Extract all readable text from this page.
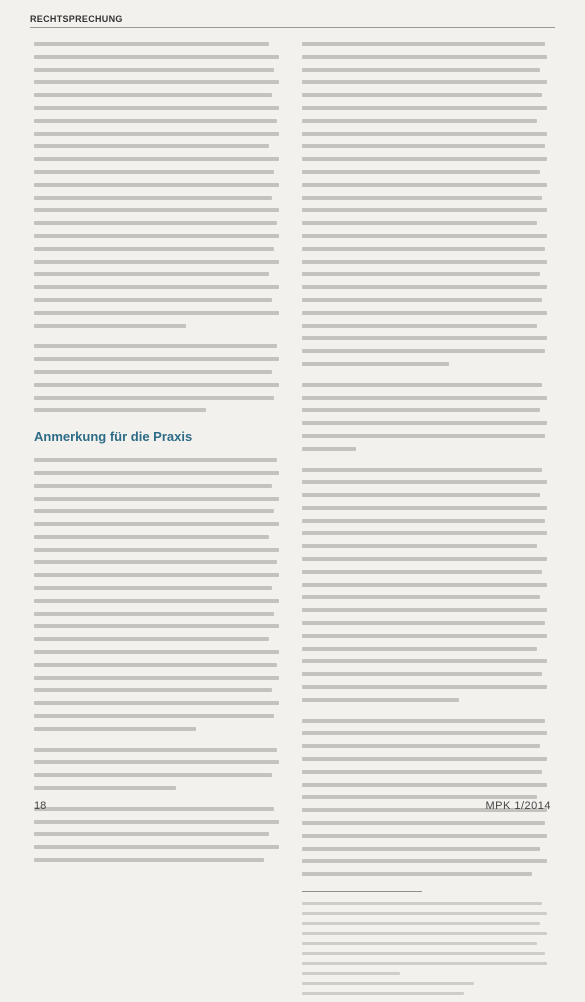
RECHTSPRECHUNG
Anmerkung für die Praxis
18	MPK 1/2014
